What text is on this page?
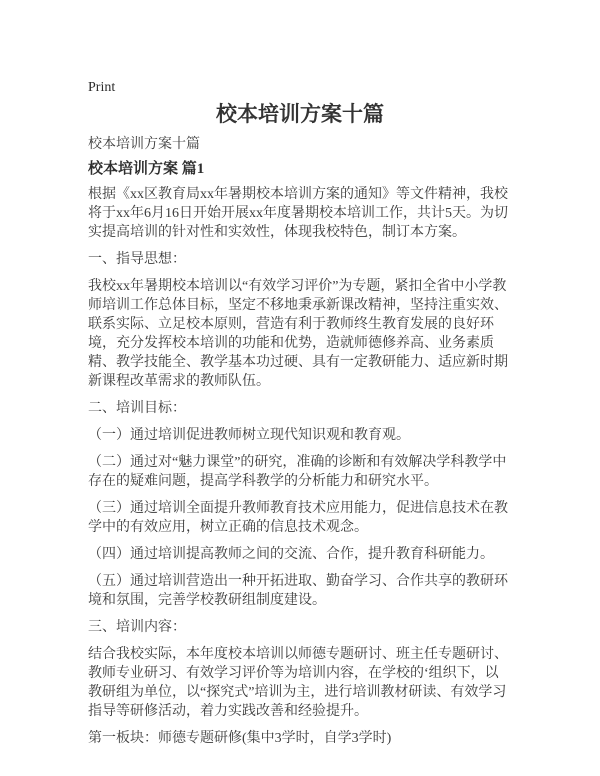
Print
校本培训方案十篇
校本培训方案十篇
校本培训方案 篇1

根据《xx区教育局xx年暑期校本培训方案的通知》等文件精神，我校将于xx年6月16日开始开展xx年度暑期校本培训工作，共计5天。为切实提高培训的针对性和实效性，体现我校特色，制订本方案。

一、指导思想：

我校xx年暑期校本培训以“有效学习评价”为专题，紧扣全省中小学教师培训工作总体目标，坚定不移地秉承新课改精神，坚持注重实效、联系实际、立足校本原则，营造有利于教师终生教育发展的良好环境，充分发挥校本培训的功能和优势，造就师德修养高、业务素质精、教学技能全、教学基本功过硬、具有一定教研能力、适应新时期新课程改革需求的教师队伍。

二、培训目标：

（一）通过培训促进教师树立现代知识观和教育观。

（二）通过对“魅力课堂”的研究，准确的诊断和有效解决学科教学中存在的疑难问题，提高学科教学的分析能力和研究水平。

（三）通过培训全面提升教师教育技术应用能力，促进信息技术在教学中的有效应用，树立正确的信息技术观念。

（四）通过培训提高教师之间的交流、合作，提升教育科研能力。

（五）通过培训营造出一种开拓进取、勤奋学习、合作共享的教研环境和氛围，完善学校教研组制度建设。

三、培训内容：

结合我校实际，本年度校本培训以师德专题研讨、班主任专题研讨、教师专业研习、有效学习评价等为培训内容，在学校的‘组织下，以教研组为单位，以“探究式”培训为主，进行培训教材研读、有效学习指导等研修活动，着力实践改善和经验提升。

第一板块：师德专题研修(集中3学时，自学3学时)
